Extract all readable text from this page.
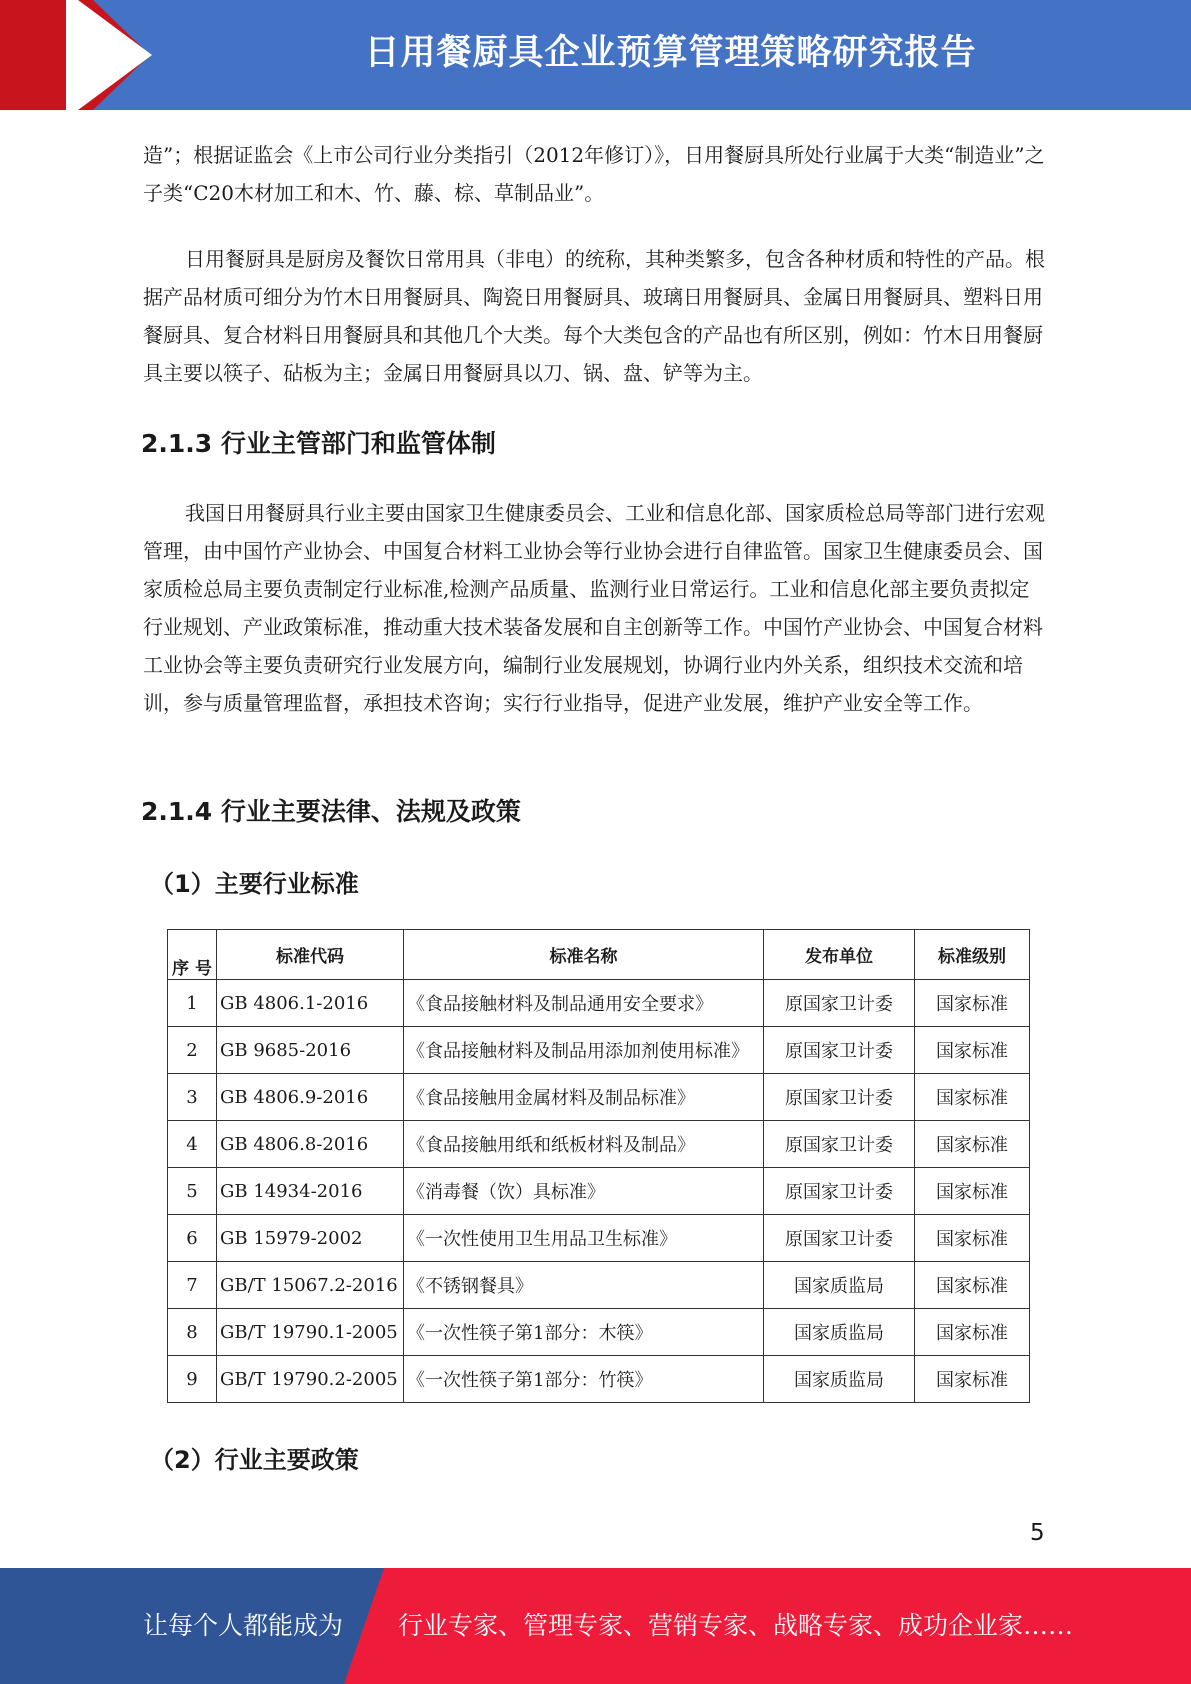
日用餐厨具企业预算管理策略研究报告

造”；根据证监会《上市公司行业分类指引（2012年修订）》，日用餐厨具所处行业属于大类“制造业”之子类“C20木材加工和木、竹、藤、棕、草制品业”。

日用餐厨具是厨房及餐饮日常用具（非电）的统称，其种类繁多，包含各种材质和特性的产品。根据产品材质可细分为竹木日用餐厨具、陶瓷日用餐厨具、玻璃日用餐厨具、金属日用餐厨具、塑料日用餐厨具、复合材料日用餐厨具和其他几个大类。每个大类包含的产品也有所区别，例如：竹木日用餐厨具主要以筷子、砧板为主；金属日用餐厨具以刀、锅、盘、铲等为主。

2.1.3 行业主管部门和监管体制

我国日用餐厨具行业主要由国家卫生健康委员会、工业和信息化部、国家质检总局等部门进行宏观管理，由中国竹产业协会、中国复合材料工业协会等行业协会进行自律监管。国家卫生健康委员会、国家质检总局主要负责制定行业标准,检测产品质量、监测行业日常运行。工业和信息化部主要负责拟定行业规划、产业政策标准，推动重大技术装备发展和自主创新等工作。中国竹产业协会、中国复合材料工业协会等主要负责研究行业发展方向，编制行业发展规划，协调行业内外关系，组织技术交流和培训，参与质量管理监督，承担技术咨询；实行行业指导，促进产业发展，维护产业安全等工作。

2.1.4 行业主要法律、法规及政策
（1）主要行业标准
序 号	标准代码	标准名称	发布单位	标准级别
1	GB 4806.1-2016	《食品接触材料及制品通用安全要求》	原国家卫计委	国家标准
2	GB 9685-2016	《食品接触材料及制品用添加剂使用标准》	原国家卫计委	国家标准
3	GB 4806.9-2016	《食品接触用金属材料及制品标准》	原国家卫计委	国家标准
4	GB 4806.8-2016	《食品接触用纸和纸板材料及制品》	原国家卫计委	国家标准
5	GB 14934-2016	《消毒餐（饮）具标准》	原国家卫计委	国家标准
6	GB 15979-2002	《一次性使用卫生用品卫生标准》	原国家卫计委	国家标准
7	GB/T 15067.2-2016	《不锈钢餐具》	国家质监局	国家标准
8	GB/T 19790.1-2005	《一次性筷子第1部分：木筷》	国家质监局	国家标准
9	GB/T 19790.2-2005	《一次性筷子第1部分：竹筷》	国家质监局	国家标准
（2）行业主要政策
5
让每个人都能成为 行业专家、管理专家、营销专家、战略专家、成功企业家……
